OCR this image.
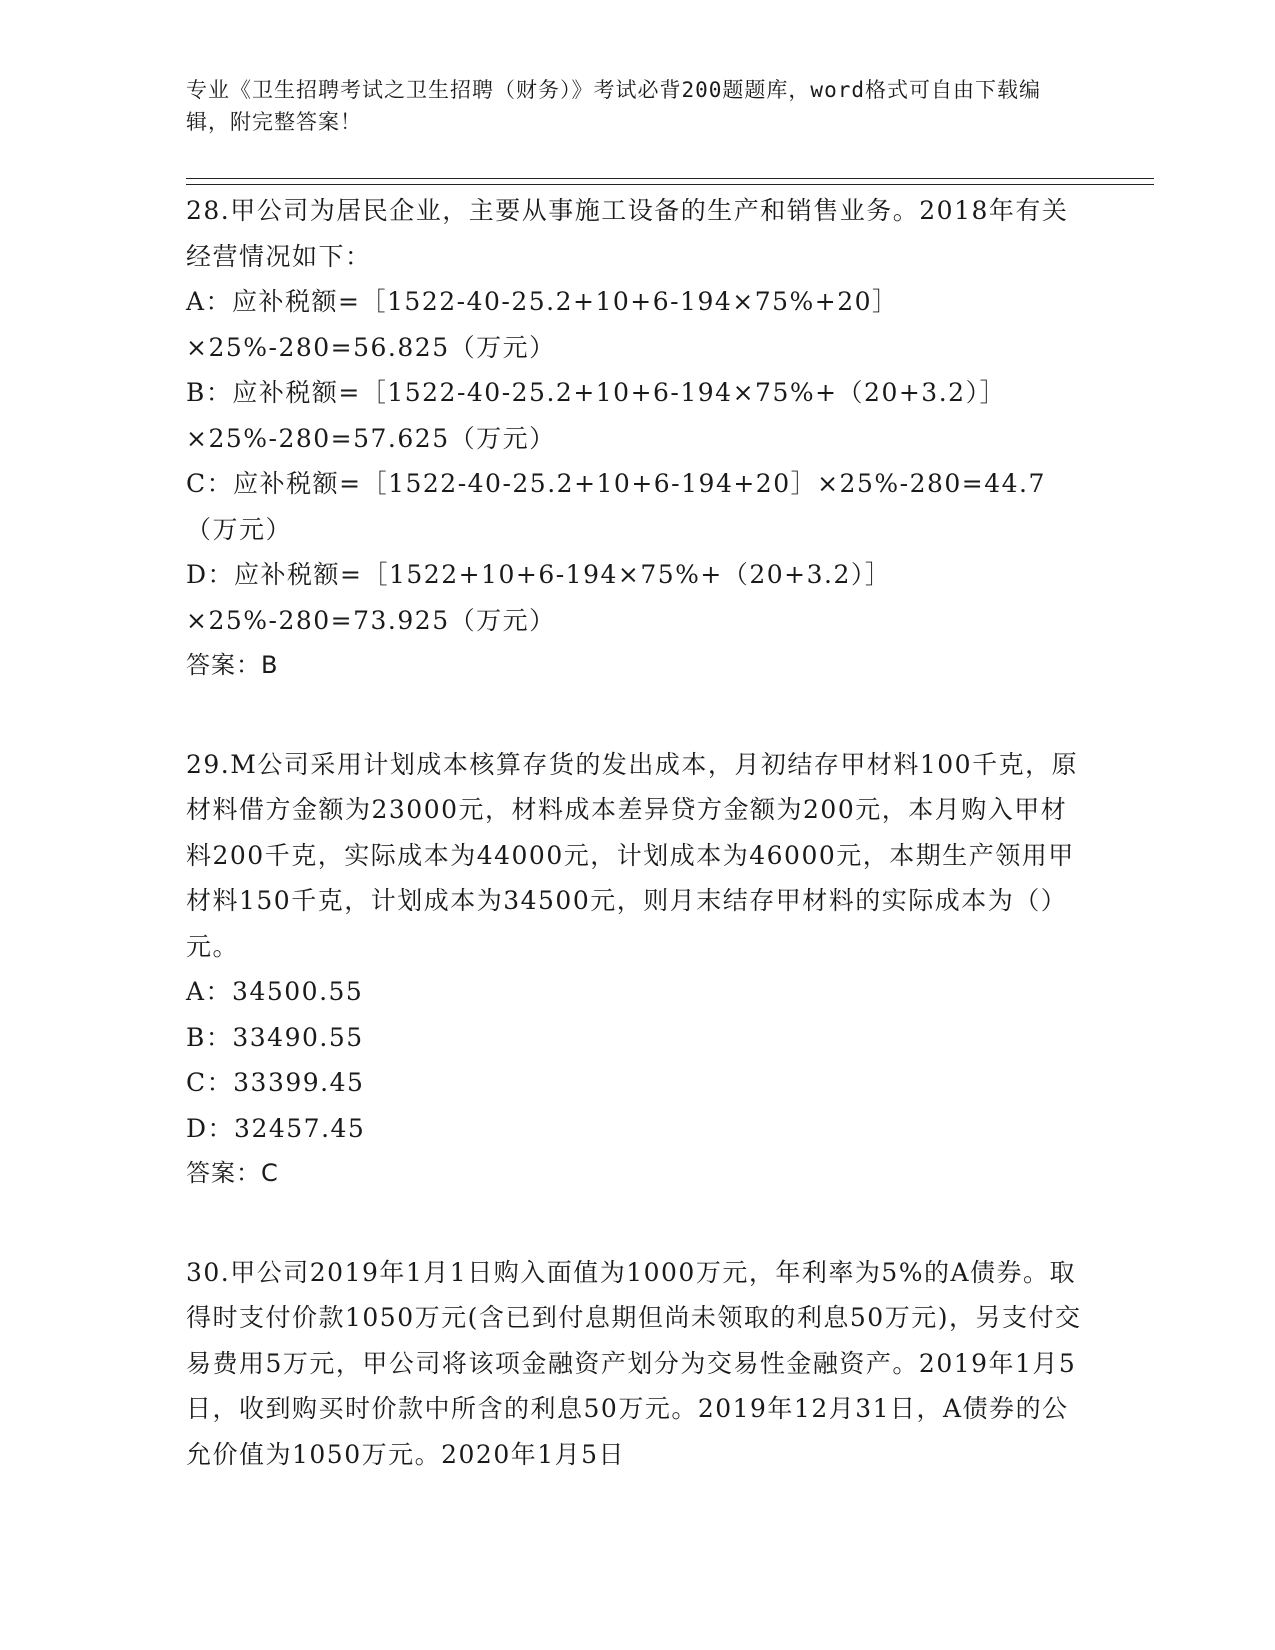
专业《卫生招聘考试之卫生招聘（财务）》考试必背200题题库，word格式可自由下载编辑，附完整答案！

28.甲公司为居民企业，主要从事施工设备的生产和销售业务。2018年有关经营情况如下：

A：应补税额=［1522-40-25.2+10+6-194×75%+20］×25%-280=56.825（万元）

B：应补税额=［1522-40-25.2+10+6-194×75%+（20+3.2）］×25%-280=57.625（万元）

C：应补税额=［1522-40-25.2+10+6-194+20］×25%-280=44.7（万元）

D：应补税额=［1522+10+6-194×75%+（20+3.2）］×25%-280=73.925（万元）

答案：B

29.M公司采用计划成本核算存货的发出成本，月初结存甲材料100千克，原材料借方金额为23000元，材料成本差异贷方金额为200元，本月购入甲材料200千克，实际成本为44000元，计划成本为46000元，本期生产领用甲材料150千克，计划成本为34500元，则月末结存甲材料的实际成本为（）元。

A：34500.55

B：33490.55

C：33399.45

D：32457.45

答案：C

30.甲公司2019年1月1日购入面值为1000万元，年利率为5%的A债券。取得时支付价款1050万元(含已到付息期但尚未领取的利息50万元)，另支付交易费用5万元，甲公司将该项金融资产划分为交易性金融资产。2019年1月5日，收到购买时价款中所含的利息50万元。2019年12月31日，A债券的公允价值为1050万元。2020年1月5日
